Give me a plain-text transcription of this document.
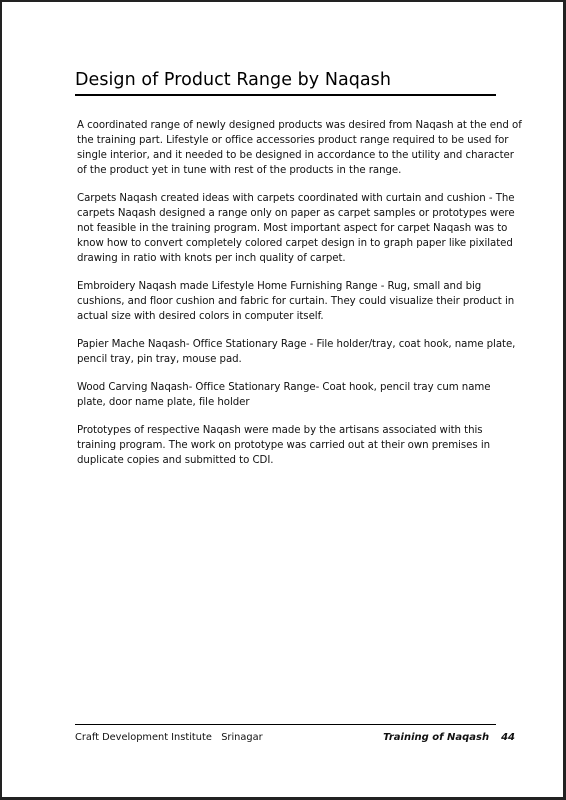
Design of Product Range by Naqash

A coordinated range of newly designed products was desired from Naqash at the end of the training part. Lifestyle or office accessories product range required to be used for single interior, and it needed to be designed in accordance to the utility and character of the product yet in tune with rest of the products in the range.

Carpets Naqash created ideas with carpets coordinated with curtain and cushion - The carpets Naqash designed a range only on paper as carpet samples or prototypes were not feasible in the training program. Most important aspect for carpet Naqash was to know how to convert completely colored carpet design in to graph paper like pixilated drawing in ratio with knots per inch quality of carpet.

Embroidery Naqash made Lifestyle Home Furnishing Range - Rug, small and big cushions, and floor cushion and fabric for curtain. They could visualize their product in actual size with desired colors in computer itself.

Papier Mache Naqash- Office Stationary Rage - File holder/tray, coat hook, name plate, pencil tray, pin tray, mouse pad.

Wood Carving Naqash- Office Stationary Range- Coat hook, pencil tray cum name plate, door name plate, file holder

Prototypes of respective Naqash were made by the artisans associated with this training program. The work on prototype was carried out at their own premises in duplicate copies and submitted to CDI.

Craft Development Institute   Srinagar	Training of Naqash 44
